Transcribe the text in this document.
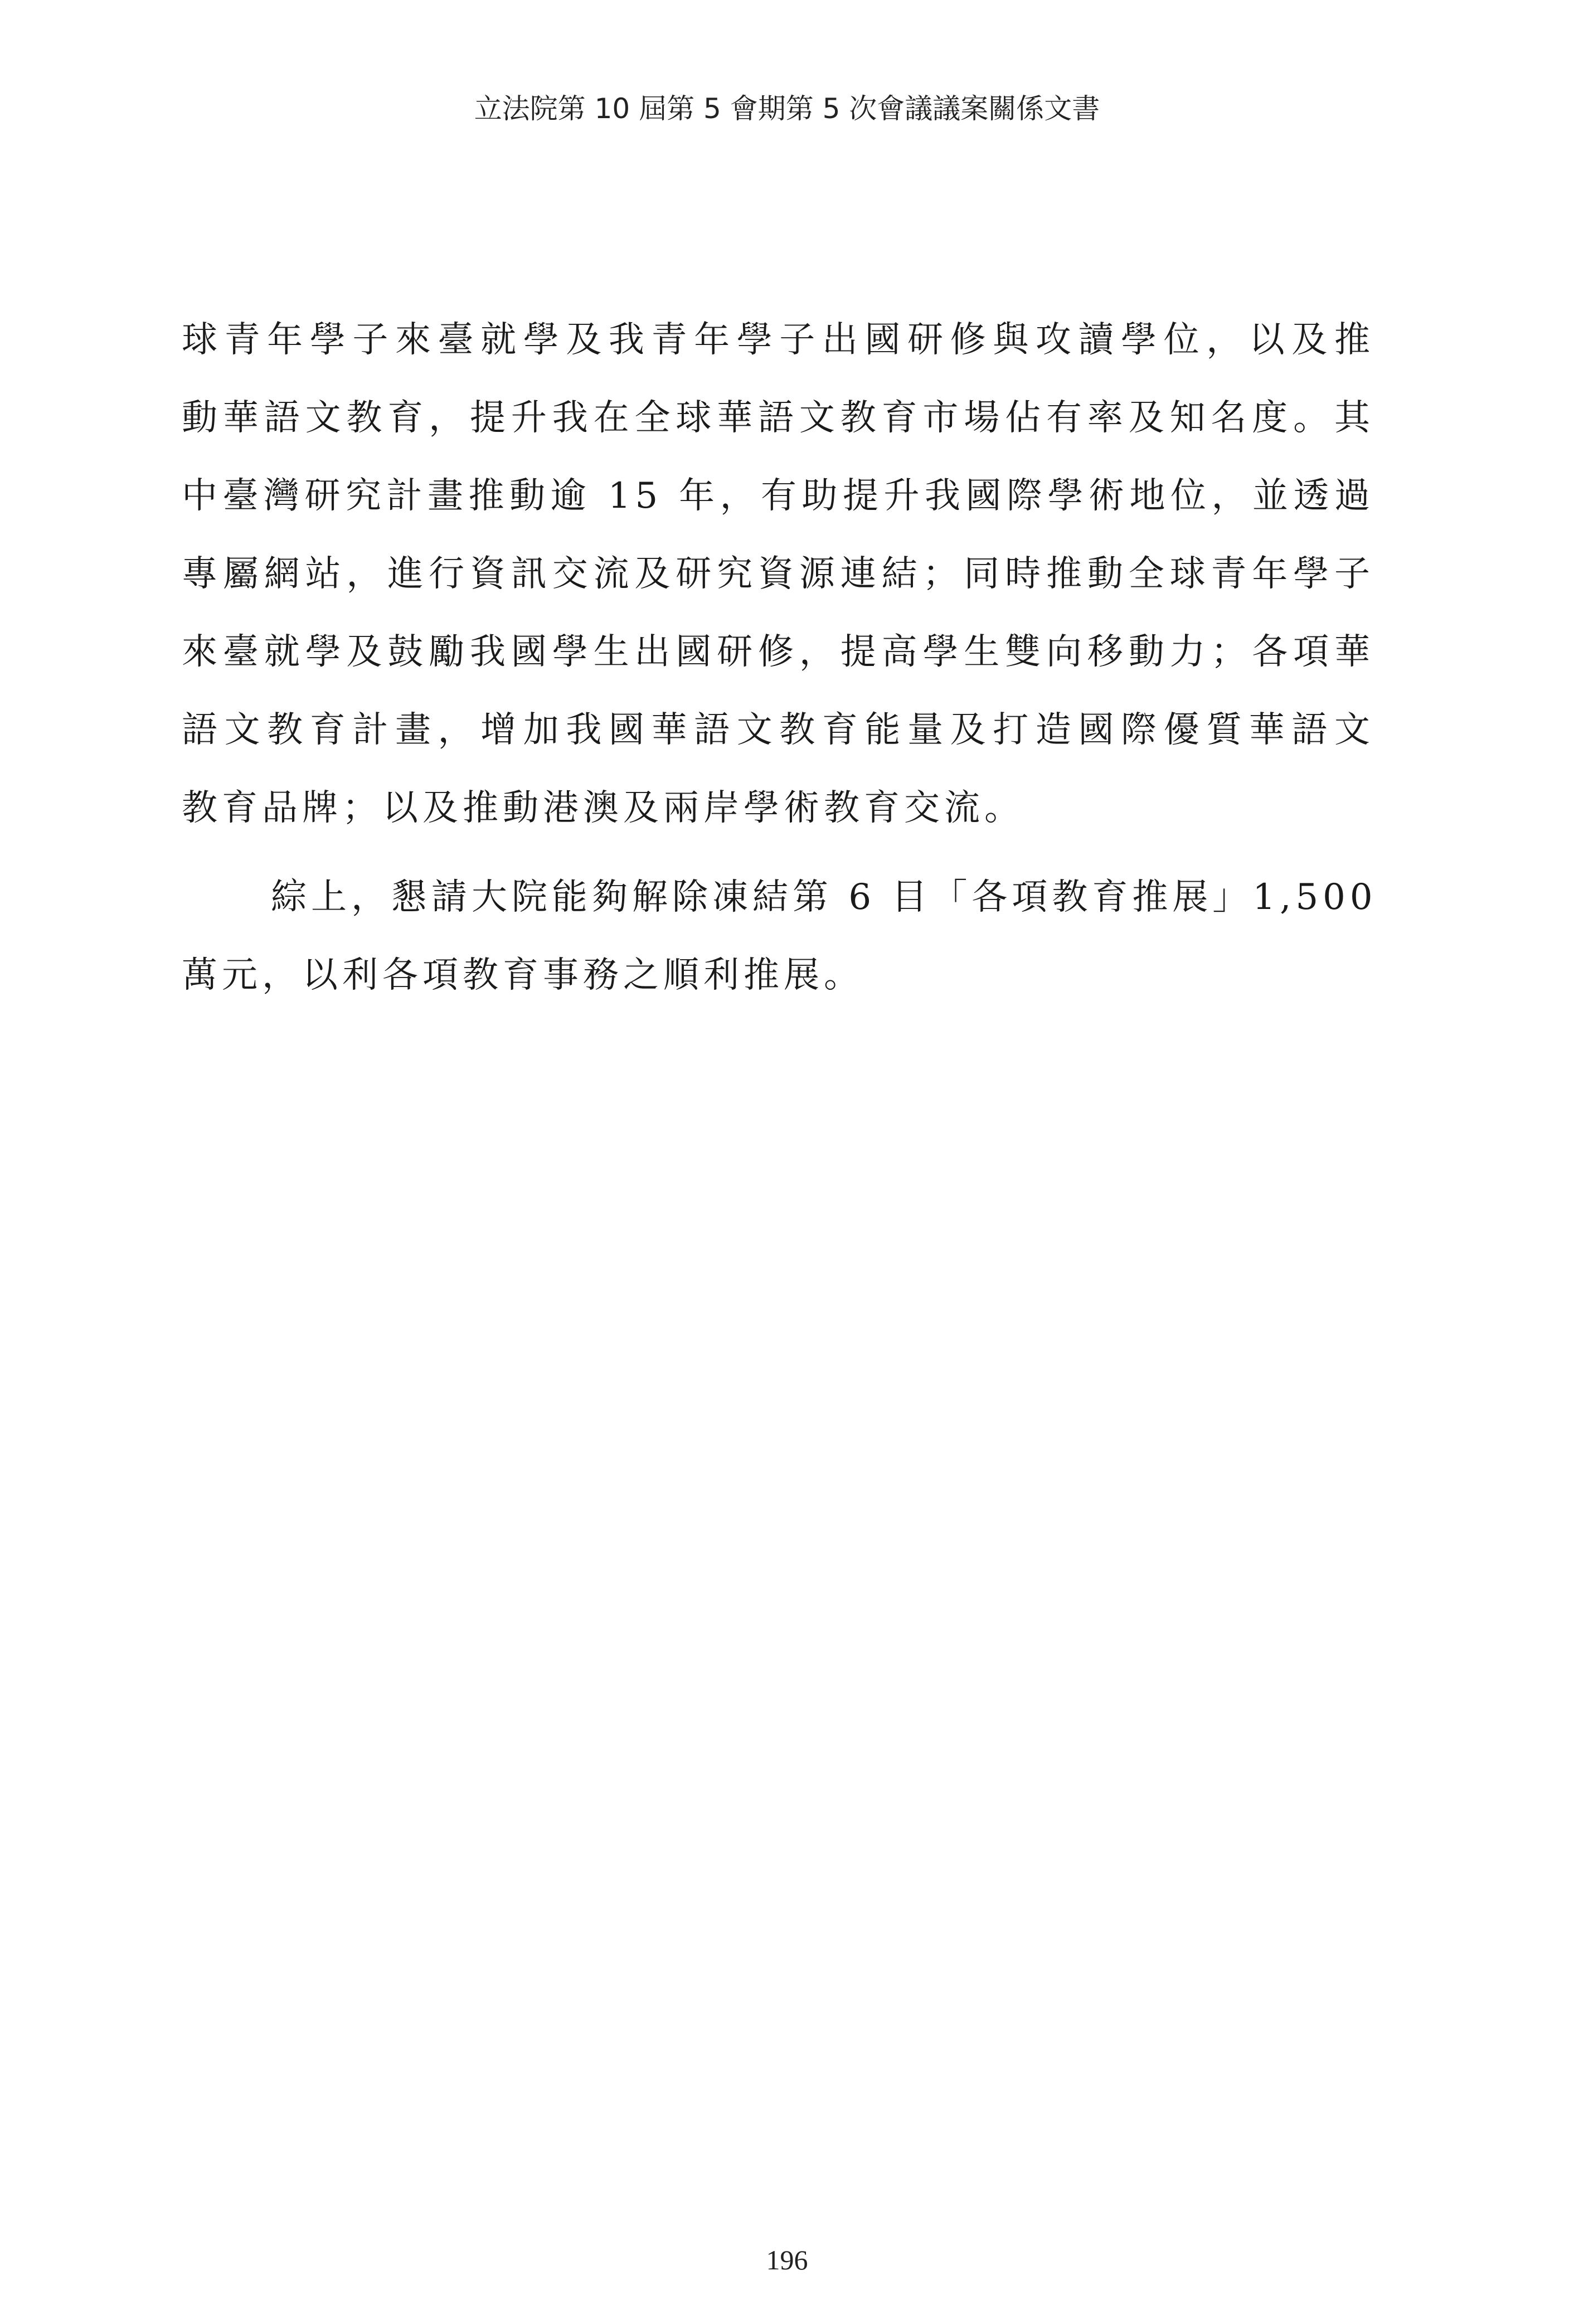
立法院第 10 屆第 5 會期第 5 次會議議案關係文書
球青年學子來臺就學及我青年學子出國研修與攻讀學位，以及推
動華語文教育，提升我在全球華語文教育市場佔有率及知名度。其
中臺灣研究計畫推動逾 15 年，有助提升我國際學術地位，並透過
專屬網站，進行資訊交流及研究資源連結；同時推動全球青年學子
來臺就學及鼓勵我國學生出國研修，提高學生雙向移動力；各項華
語文教育計畫，增加我國華語文教育能量及打造國際優質華語文
教育品牌；以及推動港澳及兩岸學術教育交流。
綜上，懇請大院能夠解除凍結第 6 目「各項教育推展」1,500
萬元，以利各項教育事務之順利推展。
196
